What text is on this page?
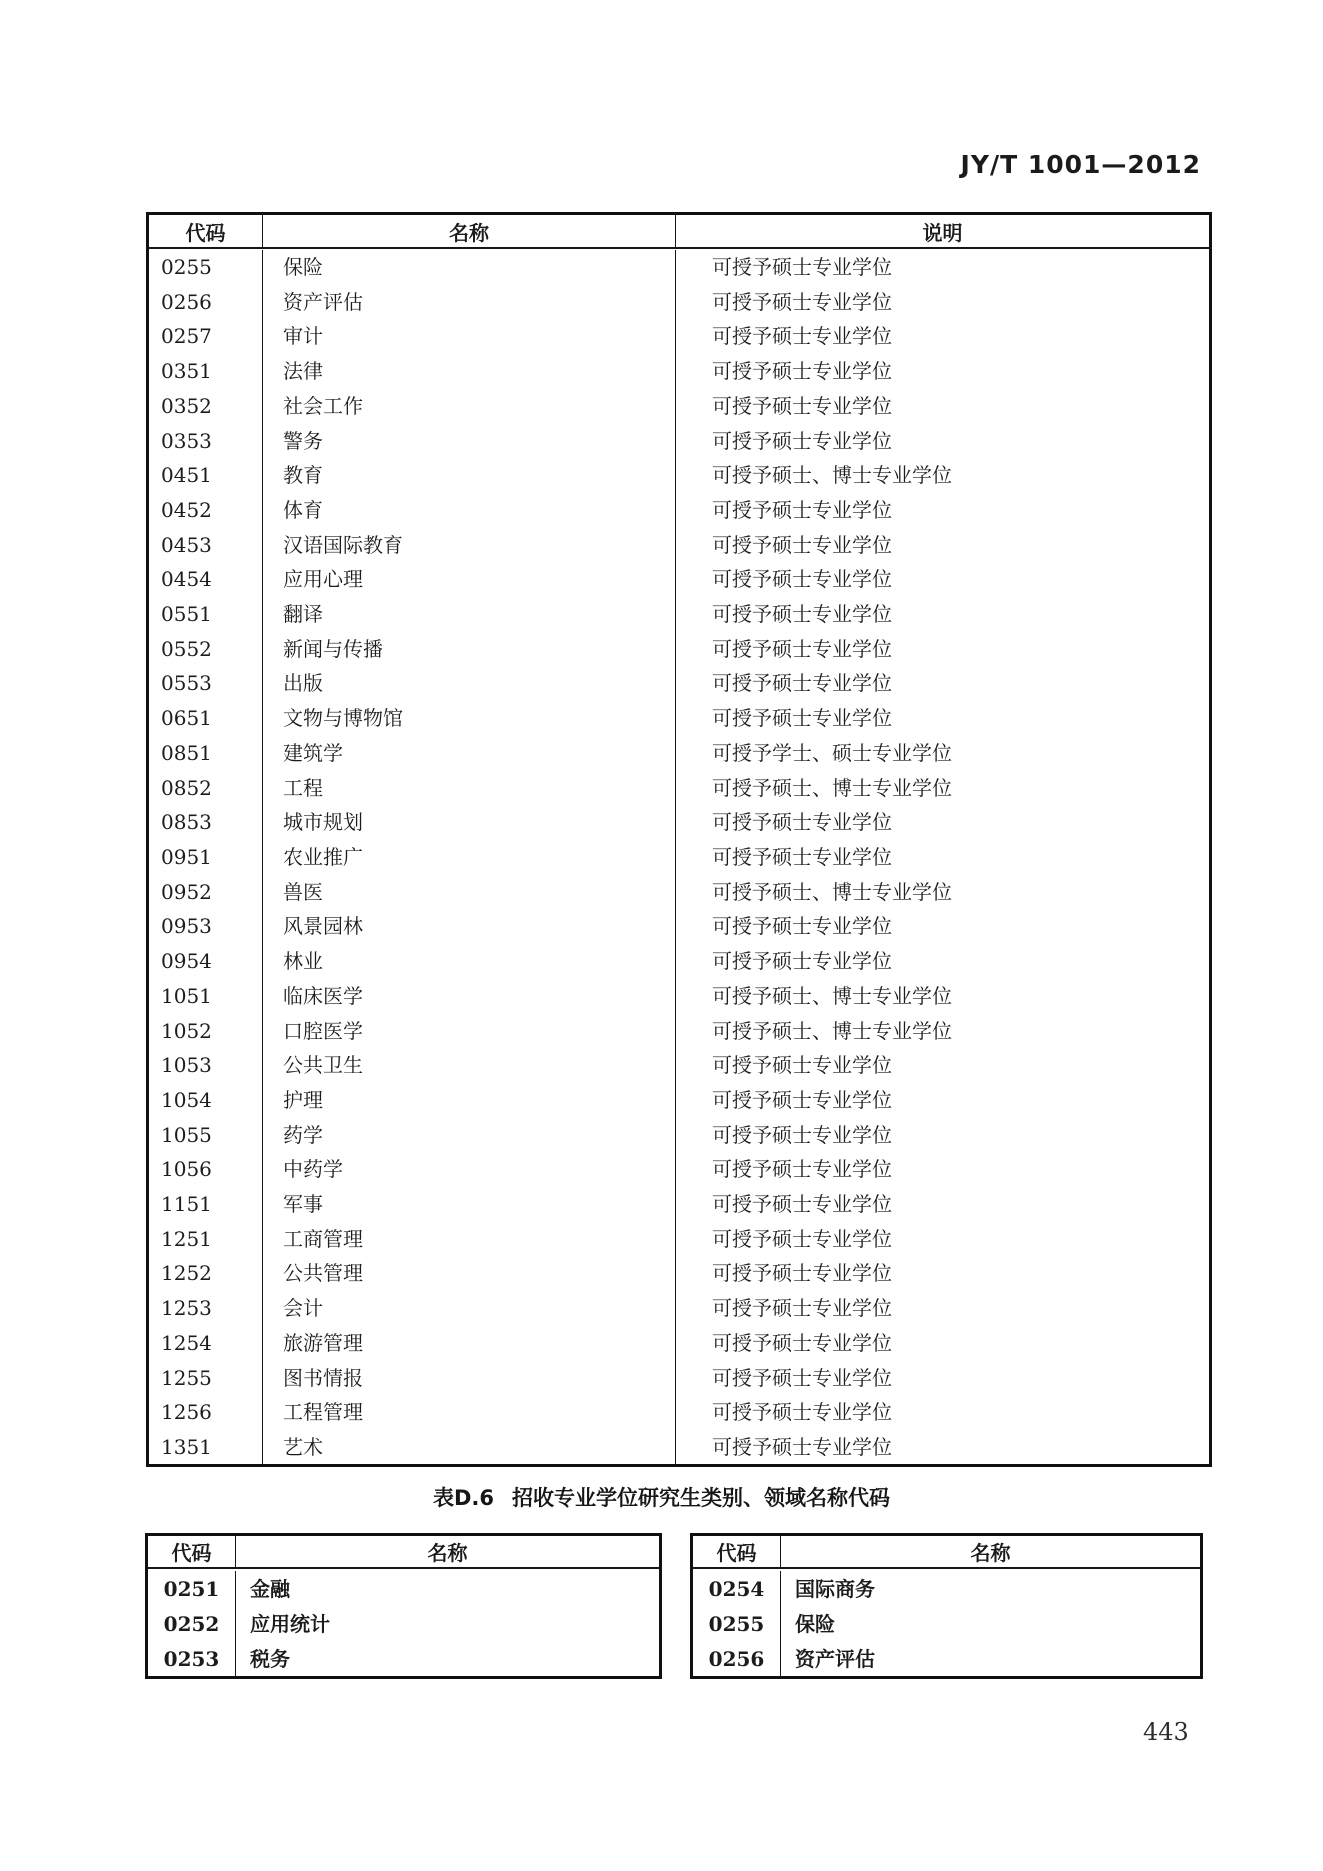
JY/T 1001—2012
代码	名称	说明
0255	保险	可授予硕士专业学位
0256	资产评估	可授予硕士专业学位
0257	审计	可授予硕士专业学位
0351	法律	可授予硕士专业学位
0352	社会工作	可授予硕士专业学位
0353	警务	可授予硕士专业学位
0451	教育	可授予硕士、博士专业学位
0452	体育	可授予硕士专业学位
0453	汉语国际教育	可授予硕士专业学位
0454	应用心理	可授予硕士专业学位
0551	翻译	可授予硕士专业学位
0552	新闻与传播	可授予硕士专业学位
0553	出版	可授予硕士专业学位
0651	文物与博物馆	可授予硕士专业学位
0851	建筑学	可授予学士、硕士专业学位
0852	工程	可授予硕士、博士专业学位
0853	城市规划	可授予硕士专业学位
0951	农业推广	可授予硕士专业学位
0952	兽医	可授予硕士、博士专业学位
0953	风景园林	可授予硕士专业学位
0954	林业	可授予硕士专业学位
1051	临床医学	可授予硕士、博士专业学位
1052	口腔医学	可授予硕士、博士专业学位
1053	公共卫生	可授予硕士专业学位
1054	护理	可授予硕士专业学位
1055	药学	可授予硕士专业学位
1056	中药学	可授予硕士专业学位
1151	军事	可授予硕士专业学位
1251	工商管理	可授予硕士专业学位
1252	公共管理	可授予硕士专业学位
1253	会计	可授予硕士专业学位
1254	旅游管理	可授予硕士专业学位
1255	图书情报	可授予硕士专业学位
1256	工程管理	可授予硕士专业学位
1351	艺术	可授予硕士专业学位
表D.6 招收专业学位研究生类别、领域名称代码
代码	名称
0251	金融
0252	应用统计
0253	税务
代码	名称
0254	国际商务
0255	保险
0256	资产评估
443
